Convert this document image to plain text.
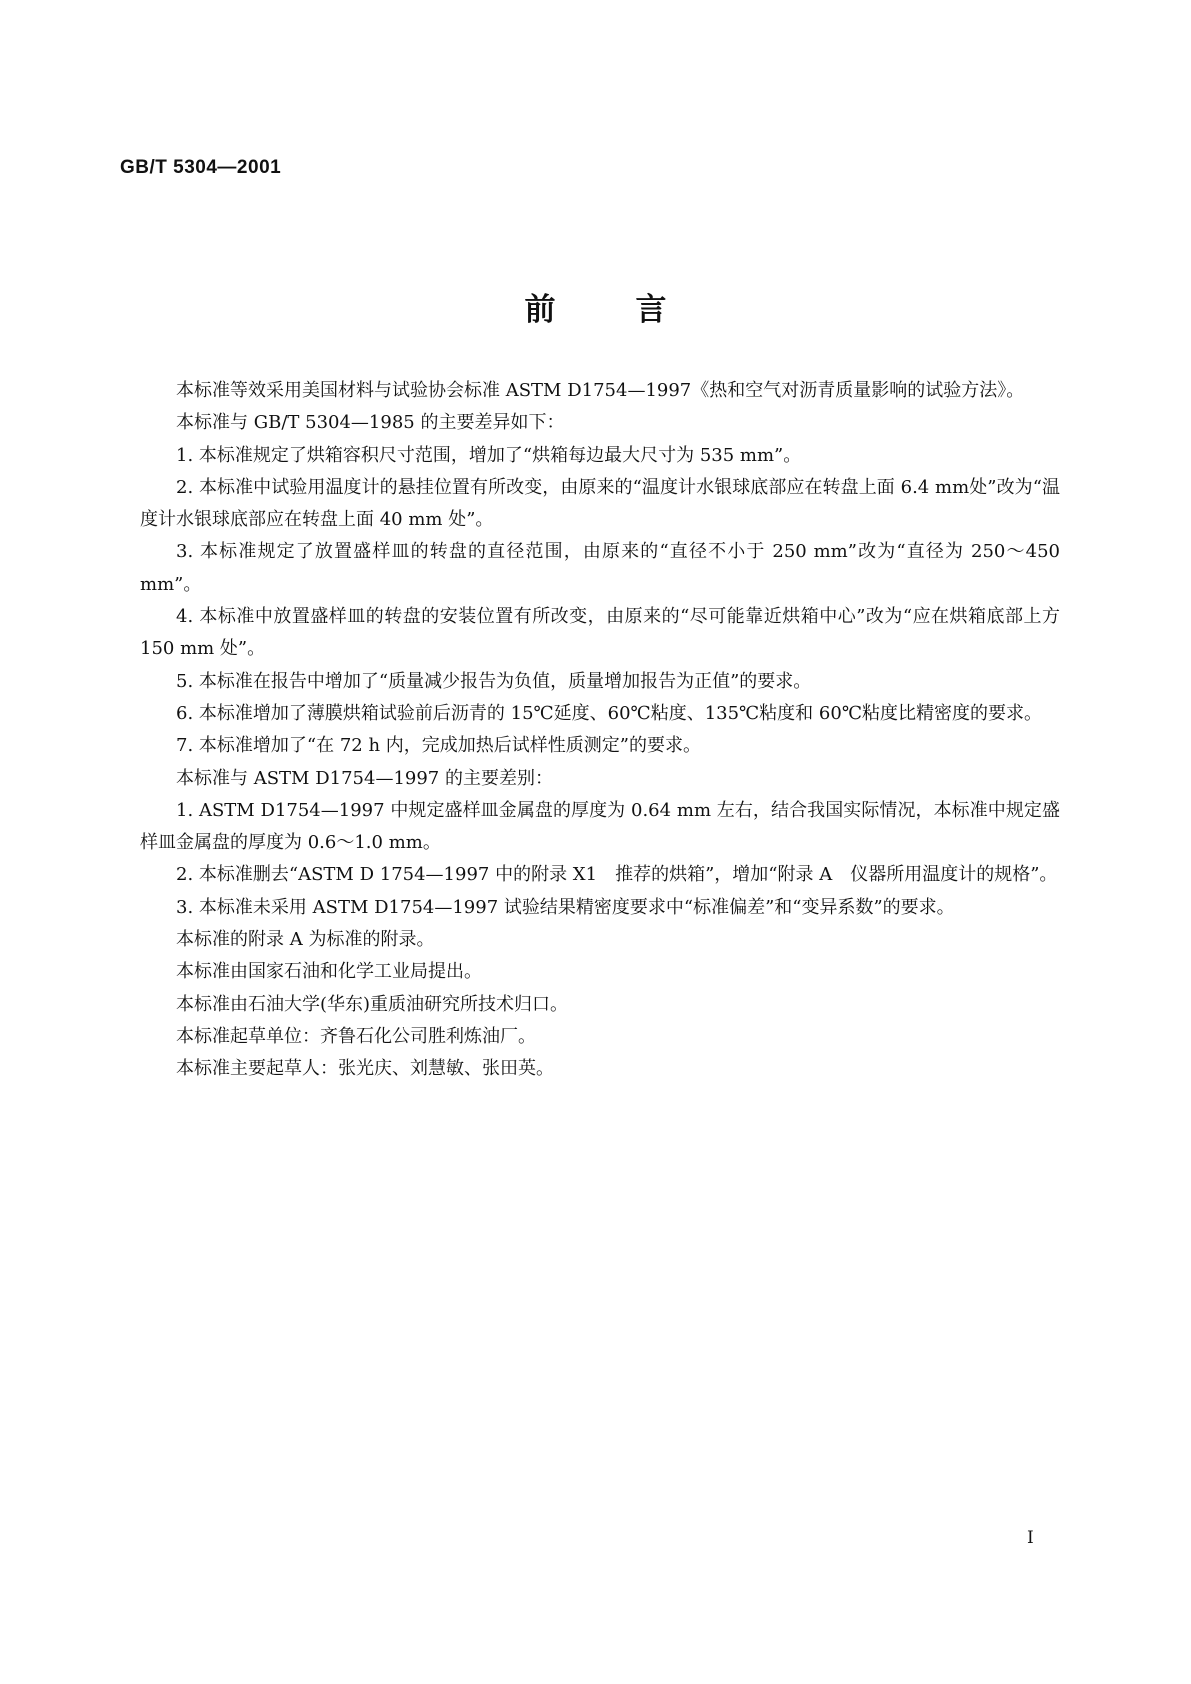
GB/T 5304—2001
前言

本标准等效采用美国材料与试验协会标准 ASTM D1754—1997《热和空气对沥青质量影响的试验方法》。

本标准与 GB/T 5304—1985 的主要差异如下：

1. 本标准规定了烘箱容积尺寸范围，增加了“烘箱每边最大尺寸为 535 mm”。

2. 本标准中试验用温度计的悬挂位置有所改变，由原来的“温度计水银球底部应在转盘上面 6.4 mm处”改为“温度计水银球底部应在转盘上面 40 mm 处”。

3. 本标准规定了放置盛样皿的转盘的直径范围，由原来的“直径不小于 250 mm”改为“直径为 250～450 mm”。

4. 本标准中放置盛样皿的转盘的安装位置有所改变，由原来的“尽可能靠近烘箱中心”改为“应在烘箱底部上方 150 mm 处”。

5. 本标准在报告中增加了“质量减少报告为负值，质量增加报告为正值”的要求。

6. 本标准增加了薄膜烘箱试验前后沥青的 15℃延度、60℃粘度、135℃粘度和 60℃粘度比精密度的要求。

7. 本标准增加了“在 72 h 内，完成加热后试样性质测定”的要求。

本标准与 ASTM D1754—1997 的主要差别：

1. ASTM D1754—1997 中规定盛样皿金属盘的厚度为 0.64 mm 左右，结合我国实际情况，本标准中规定盛样皿金属盘的厚度为 0.6～1.0 mm。

2. 本标准删去“ASTM D 1754—1997 中的附录 X1　推荐的烘箱”，增加“附录 A　仪器所用温度计的规格”。

3. 本标准未采用 ASTM D1754—1997 试验结果精密度要求中“标准偏差”和“变异系数”的要求。

本标准的附录 A 为标准的附录。

本标准由国家石油和化学工业局提出。

本标准由石油大学(华东)重质油研究所技术归口。

本标准起草单位：齐鲁石化公司胜利炼油厂。

本标准主要起草人：张光庆、刘慧敏、张田英。

I
